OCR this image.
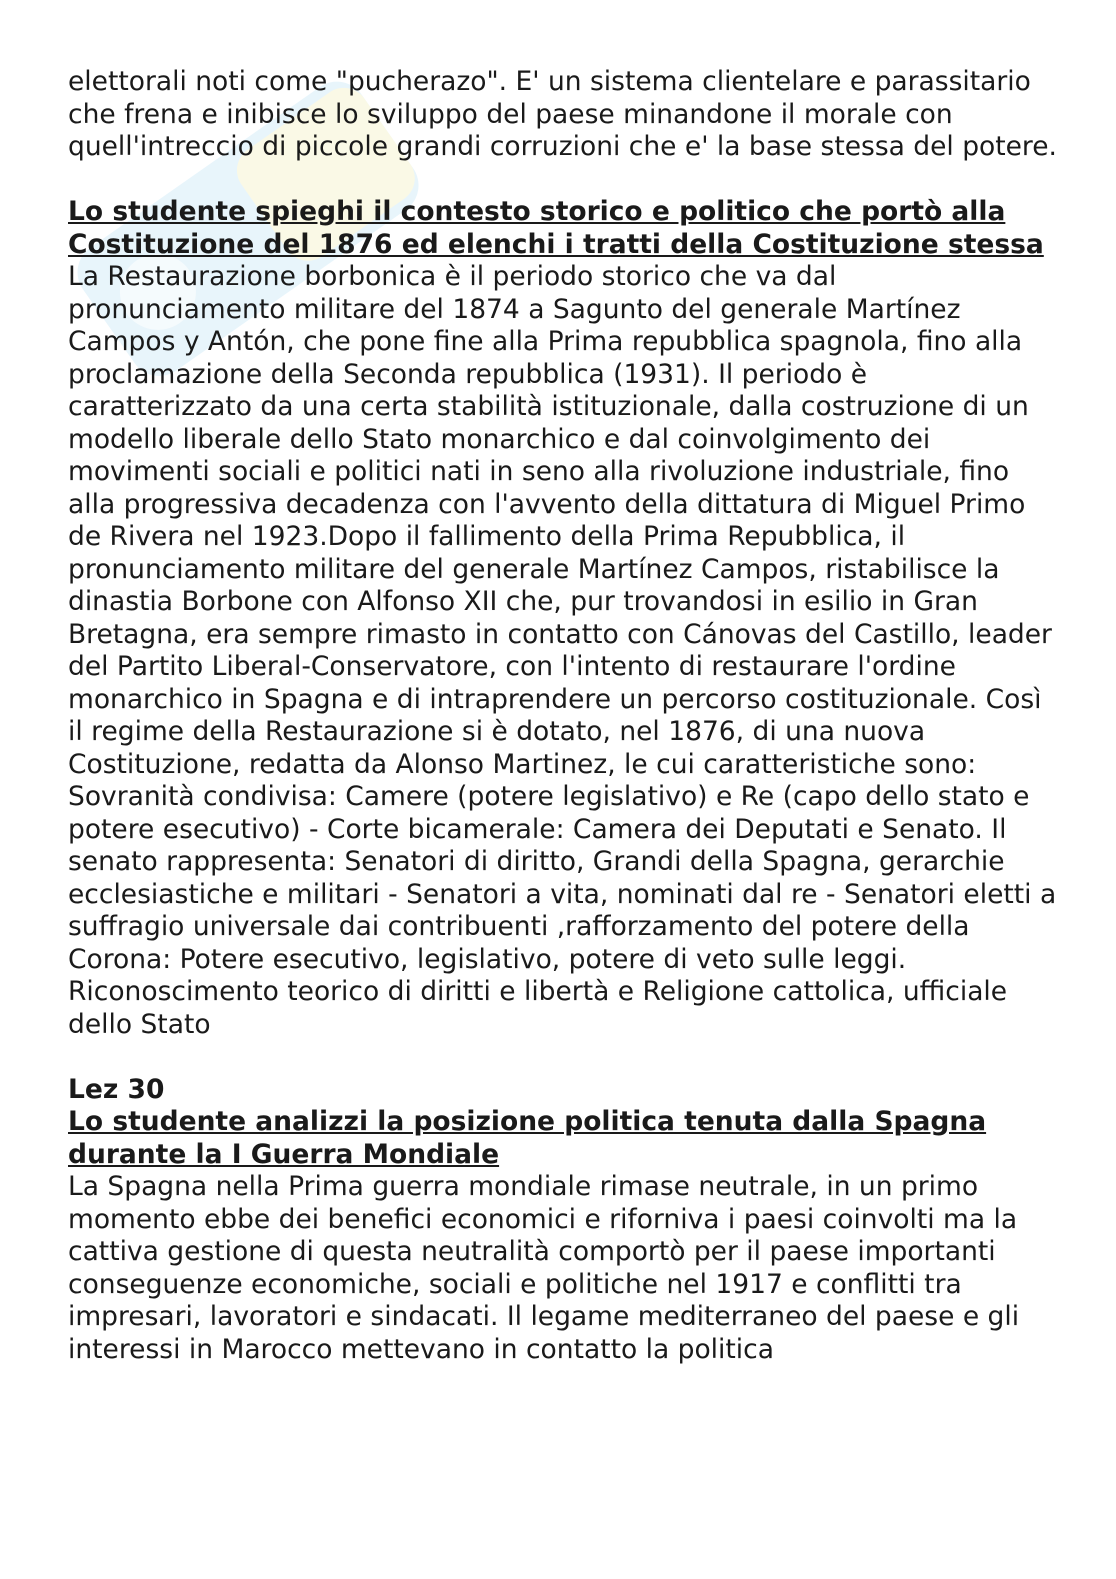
elettorali noti come "pucherazo". E' un sistema clientelare e parassitario che frena e inibisce lo sviluppo del paese minandone il morale con quell'intreccio di piccole grandi corruzioni che e' la base stessa del potere.

Lo studente spieghi il contesto storico e politico che portò alla Costituzione del 1876 ed elenchi i tratti della Costituzione stessa

La Restaurazione borbonica è il periodo storico che va dal pronunciamento militare del 1874 a Sagunto del generale Martínez Campos y Antón, che pone fine alla Prima repubblica spagnola, fino alla proclamazione della Seconda repubblica (1931). Il periodo è caratterizzato da una certa stabilità istituzionale, dalla costruzione di un modello liberale dello Stato monarchico e dal coinvolgimento dei movimenti sociali e politici nati in seno alla rivoluzione industriale, fino alla progressiva decadenza con l'avvento della dittatura di Miguel Primo de Rivera nel 1923.Dopo il fallimento della Prima Repubblica, il pronunciamento militare del generale Martínez Campos, ristabilisce la dinastia Borbone con Alfonso XII che, pur trovandosi in esilio in Gran Bretagna, era sempre rimasto in contatto con Cánovas del Castillo, leader del Partito Liberal-Conservatore, con l'intento di restaurare l'ordine monarchico in Spagna e di intraprendere un percorso costituzionale. Così il regime della Restaurazione si è dotato, nel 1876, di una nuova Costituzione, redatta da Alonso Martinez, le cui caratteristiche sono: Sovranità condivisa: Camere (potere legislativo) e Re (capo dello stato e potere esecutivo) - Corte bicamerale: Camera dei Deputati e Senato. Il senato rappresenta: Senatori di diritto, Grandi della Spagna, gerarchie ecclesiastiche e militari - Senatori a vita, nominati dal re - Senatori eletti a suffragio universale dai contribuenti ,rafforzamento del potere della Corona: Potere esecutivo, legislativo, potere di veto sulle leggi.

Riconoscimento teorico di diritti e libertà e Religione cattolica, ufficiale dello Stato

Lez 30

Lo studente analizzi la posizione politica tenuta dalla Spagna durante la I Guerra Mondiale

La Spagna nella Prima guerra mondiale rimase neutrale, in un primo momento ebbe dei benefici economici e riforniva i paesi coinvolti ma la cattiva gestione di questa neutralità comportò per il paese importanti conseguenze economiche, sociali e politiche nel 1917 e conflitti tra impresari, lavoratori e sindacati. Il legame mediterraneo del paese e gli interessi in Marocco mettevano in contatto la politica
